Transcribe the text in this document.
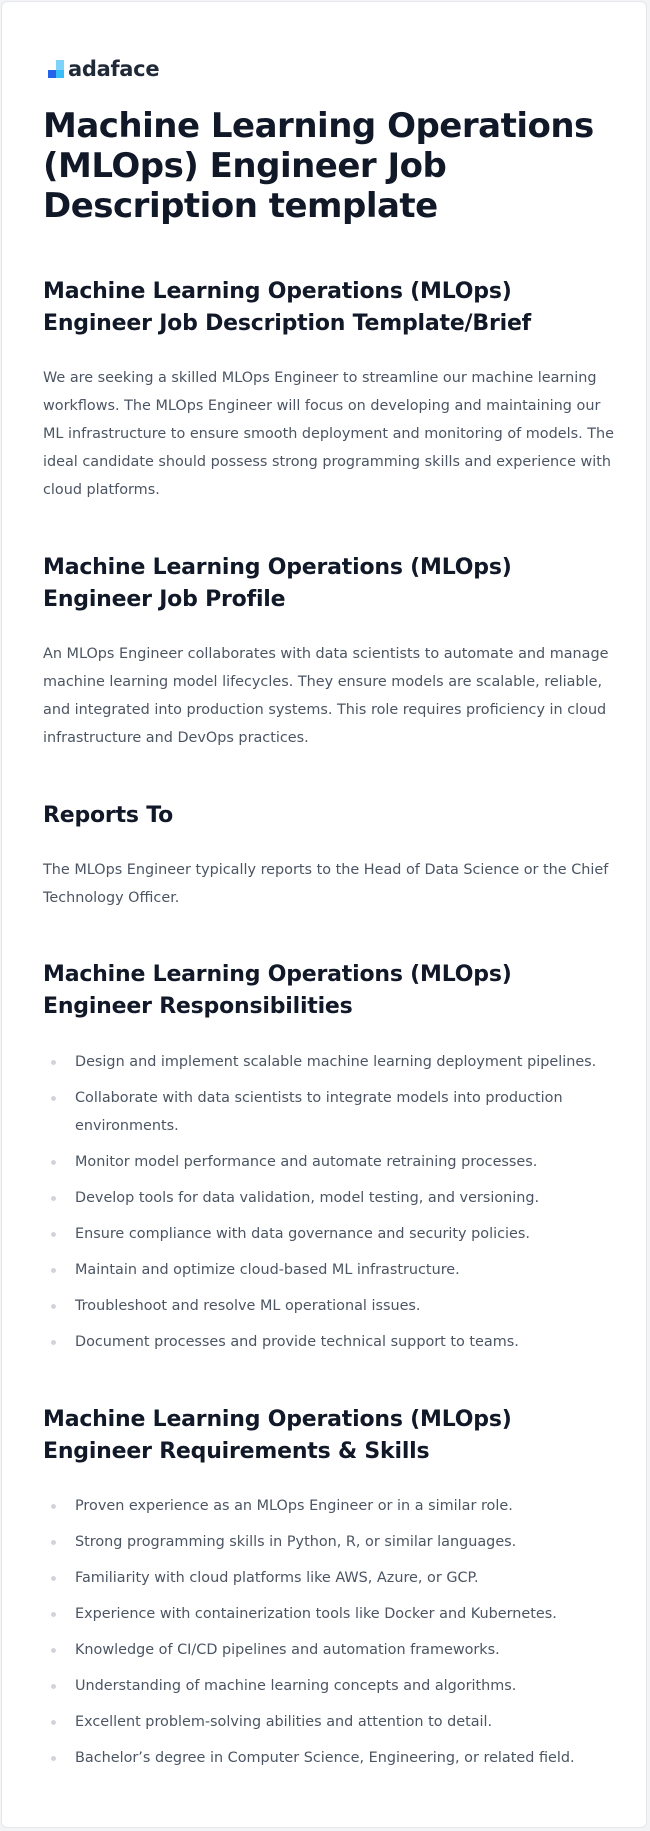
adaface
Machine Learning Operations (MLOps) Engineer Job Description template
Machine Learning Operations (MLOps) Engineer Job Description Template/Brief

We are seeking a skilled MLOps Engineer to streamline our machine learning workflows. The MLOps Engineer will focus on developing and maintaining our ML infrastructure to ensure smooth deployment and monitoring of models. The ideal candidate should possess strong programming skills and experience with cloud platforms.

Machine Learning Operations (MLOps) Engineer Job Profile

An MLOps Engineer collaborates with data scientists to automate and manage machine learning model lifecycles. They ensure models are scalable, reliable, and integrated into production systems. This role requires proficiency in cloud infrastructure and DevOps practices.

Reports To

The MLOps Engineer typically reports to the Head of Data Science or the Chief Technology Officer.

Machine Learning Operations (MLOps) Engineer Responsibilities
Design and implement scalable machine learning deployment pipelines.
Collaborate with data scientists to integrate models into production environments.
Monitor model performance and automate retraining processes.
Develop tools for data validation, model testing, and versioning.
Ensure compliance with data governance and security policies.
Maintain and optimize cloud-based ML infrastructure.
Troubleshoot and resolve ML operational issues.
Document processes and provide technical support to teams.
Machine Learning Operations (MLOps) Engineer Requirements & Skills
Proven experience as an MLOps Engineer or in a similar role.
Strong programming skills in Python, R, or similar languages.
Familiarity with cloud platforms like AWS, Azure, or GCP.
Experience with containerization tools like Docker and Kubernetes.
Knowledge of CI/CD pipelines and automation frameworks.
Understanding of machine learning concepts and algorithms.
Excellent problem-solving abilities and attention to detail.
Bachelor’s degree in Computer Science, Engineering, or related field.
